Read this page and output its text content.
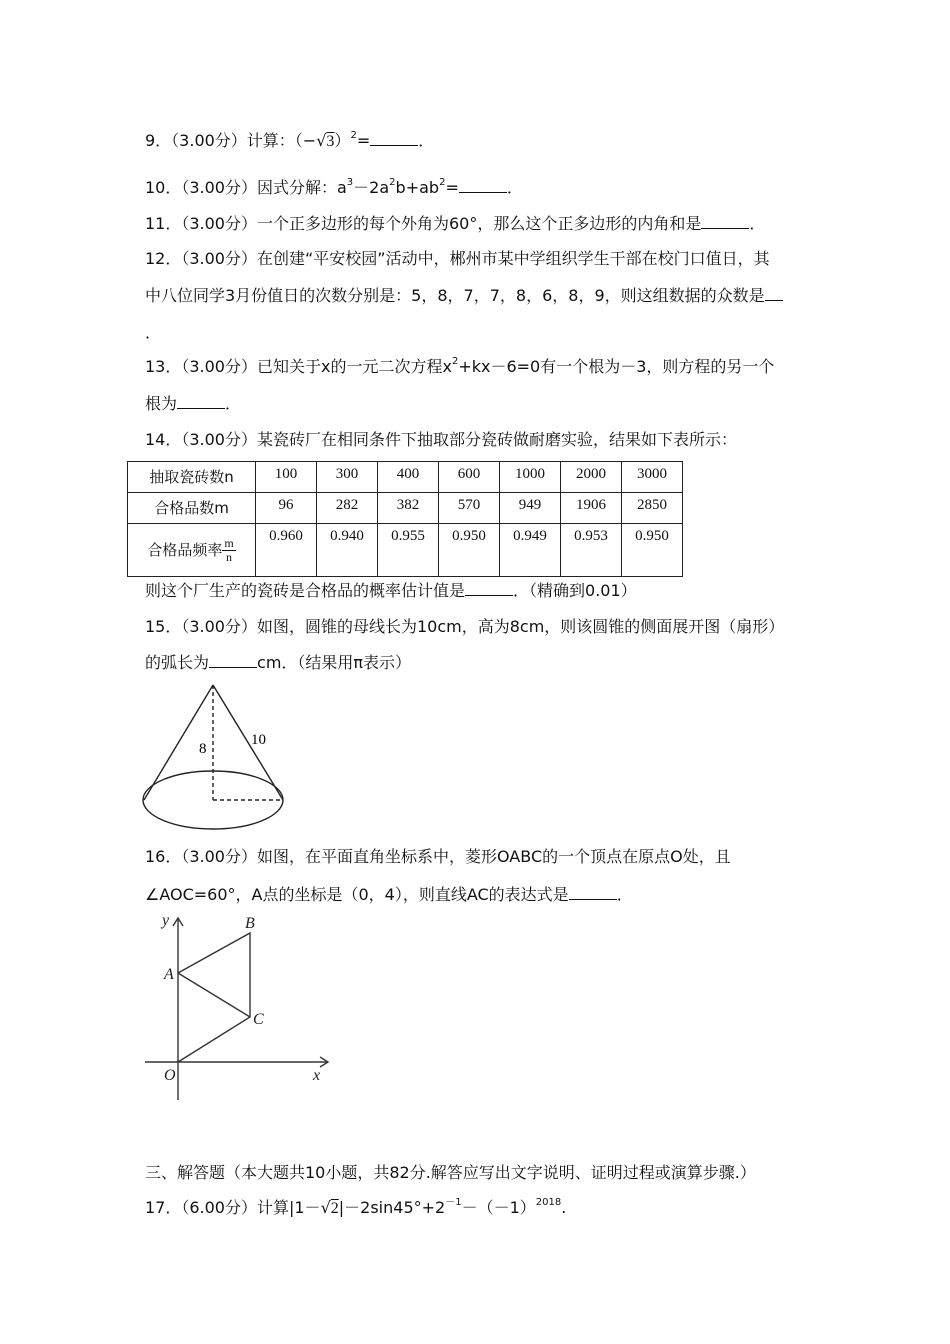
9．（3.00分）计算：$(-√3)^2=$	．
10．（3.00分）因式分解：$a^3-2a^2b+ab^2=$	．
11．（3.00分）一个正多边形的每个外角为60°，那么这个正多边形的内角和是	．
12．（3.00分）在创建“平安校园”活动中，郴州市某中学组织学生干部在校门口值日，其
中八位同学3月份值日的次数分别是：5，8，7，7，8，6，8，9，则这组数据的众数是
．
13．（3.00分）已知关于x的一元二次方程$x^2+kx-6=0$有一个根为－3，则方程的另一个
根为	．
14．（3.00分）某瓷砖厂在相同条件下抽取部分瓷砖做耐磨实验，结果如下表所示：
则这个厂生产的瓷砖是合格品的概率估计值是	．（精确到0.01）
15．（3.00分）如图，圆锥的母线长为10cm，高为8cm，则该圆锥的侧面展开图（扇形）
的弧长为	cm．（结果用π表示）
16．（3.00分）如图，在平面直角坐标系中，菱形OABC的一个顶点在原点O处，且
∠AOC=60°，A点的坐标是（0，4），则直线AC的表达式是	．
三、解答题（本大题共10小题，共82分.解答应写出文字说明、证明过程或演算步骤.）
17．（6.00分）计算$|1-√2|-2\sin 45^\circ+2^{-1}-(-1)^{2018}$.
抽取瓷砖数n	100	300	400	600	1000	2000	3000
合格品数m	96	282	382	570	949	1906	2850
合格品频率 $\frac{m}{n}$	0.960	0.940	0.955	0.950	0.949	0.953	0.950
8
10
y	B
A
C
O	x
